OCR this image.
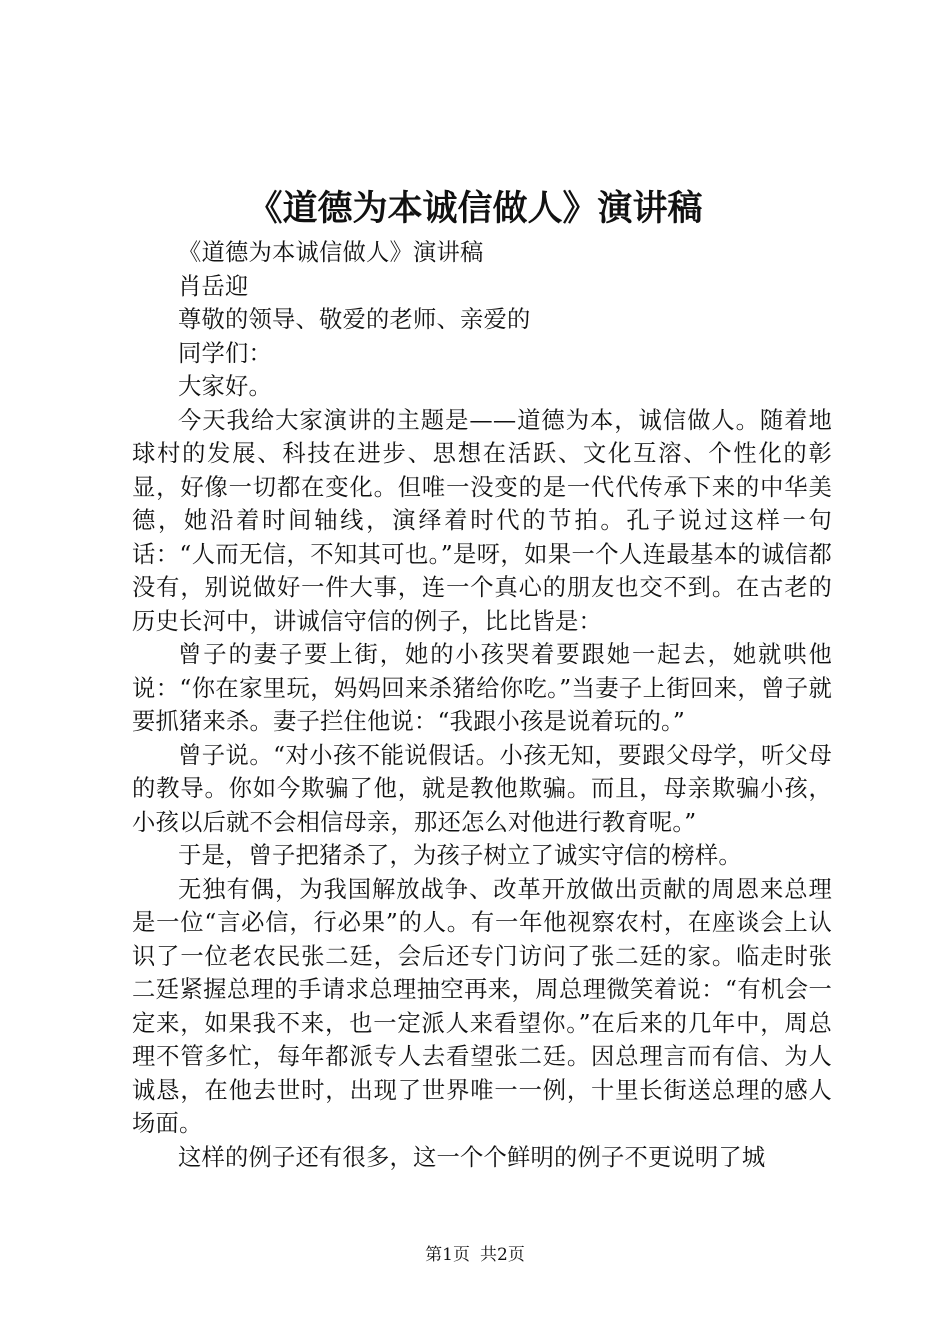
《道德为本诚信做人》演讲稿

《道德为本诚信做人》演讲稿

肖岳迎

尊敬的领导、敬爱的老师、亲爱的

同学们：

大家好。

今天我给大家演讲的主题是——道德为本，诚信做人。随着地球村的发展、科技在进步、思想在活跃、文化互溶、个性化的彰显，好像一切都在变化。但唯一没变的是一代代传承下来的中华美德，她沿着时间轴线，演绎着时代的节拍。孔子说过这样一句话：“人而无信，不知其可也。”是呀，如果一个人连最基本的诚信都没有，别说做好一件大事，连一个真心的朋友也交不到。在古老的历史长河中，讲诚信守信的例子，比比皆是：

曾子的妻子要上街，她的小孩哭着要跟她一起去，她就哄他说：“你在家里玩，妈妈回来杀猪给你吃。”当妻子上街回来，曾子就要抓猪来杀。妻子拦住他说：“我跟小孩是说着玩的。”

曾子说。“对小孩不能说假话。小孩无知，要跟父母学，听父母的教导。你如今欺骗了他，就是教他欺骗。而且，母亲欺骗小孩，小孩以后就不会相信母亲，那还怎么对他进行教育呢。”

于是，曾子把猪杀了，为孩子树立了诚实守信的榜样。

无独有偶，为我国解放战争、改革开放做出贡献的周恩来总理是一位“言必信，行必果”的人。有一年他视察农村，在座谈会上认识了一位老农民张二廷，会后还专门访问了张二廷的家。临走时张二廷紧握总理的手请求总理抽空再来，周总理微笑着说：“有机会一定来，如果我不来，也一定派人来看望你。”在后来的几年中，周总理不管多忙，每年都派专人去看望张二廷。因总理言而有信、为人诚恳，在他去世时，出现了世界唯一一例，十里长街送总理的感人场面。

这样的例子还有很多，这一个个鲜明的例子不更说明了城

第1页 共2页
